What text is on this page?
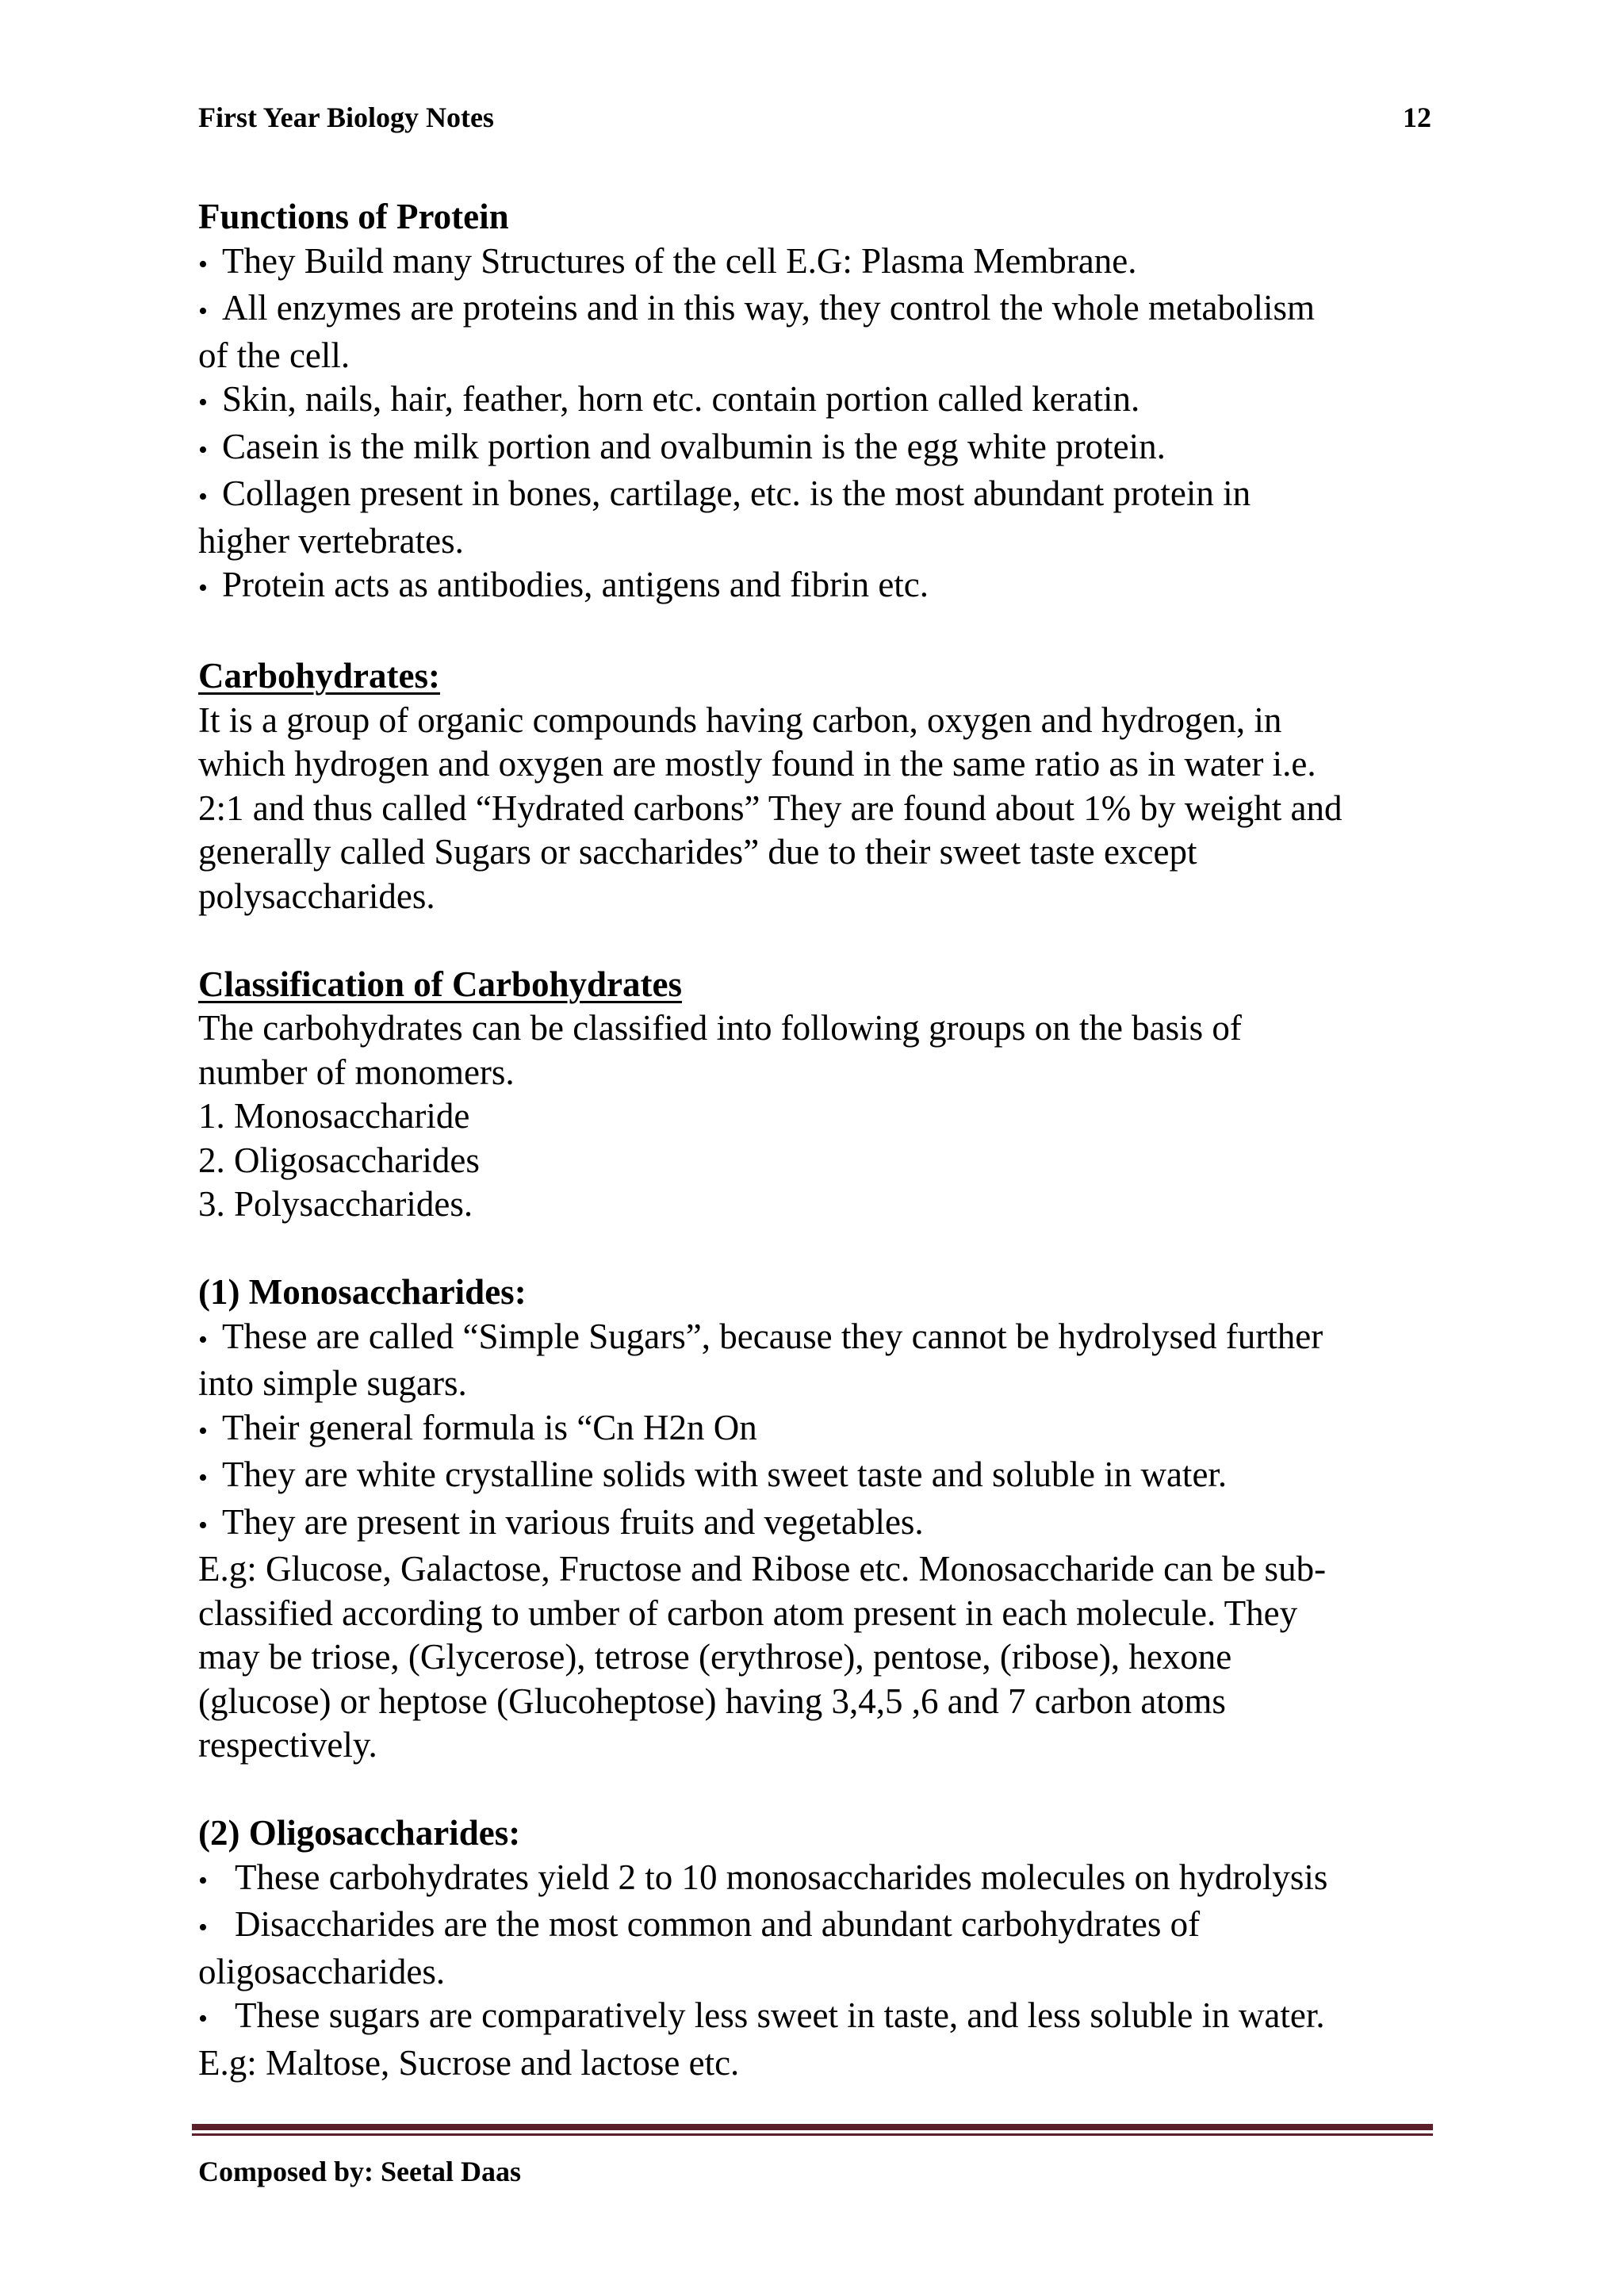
First Year Biology Notes	12
Functions of Protein
• They Build many Structures of the cell E.G: Plasma Membrane.
• All enzymes are proteins and in this way, they control the whole metabolism
of the cell.
• Skin, nails, hair, feather, horn etc. contain portion called keratin.
• Casein is the milk portion and ovalbumin is the egg white protein.
• Collagen present in bones, cartilage, etc. is the most abundant protein in
higher vertebrates.
• Protein acts as antibodies, antigens and fibrin etc.
Carbohydrates:
It is a group of organic compounds having carbon, oxygen and hydrogen, in
which hydrogen and oxygen are mostly found in the same ratio as in water i.e.
2:1 and thus called “Hydrated carbons” They are found about 1% by weight and
generally called Sugars or saccharides” due to their sweet taste except
polysaccharides.
Classification of Carbohydrates
The carbohydrates can be classified into following groups on the basis of
number of monomers.
1. Monosaccharide
2. Oligosaccharides
3. Polysaccharides.
(1) Monosaccharides:
• These are called “Simple Sugars”, because they cannot be hydrolysed further
into simple sugars.
• Their general formula is “Cn H2n On
• They are white crystalline solids with sweet taste and soluble in water.
• They are present in various fruits and vegetables.
E.g: Glucose, Galactose, Fructose and Ribose etc. Monosaccharide can be sub-
classified according to umber of carbon atom present in each molecule. They
may be triose, (Glycerose), tetrose (erythrose), pentose, (ribose), hexone
(glucose) or heptose (Glucoheptose) having 3,4,5 ,6 and 7 carbon atoms
respectively.
(2) Oligosaccharides:
• These carbohydrates yield 2 to 10 monosaccharides molecules on hydrolysis
• Disaccharides are the most common and abundant carbohydrates of
oligosaccharides.
• These sugars are comparatively less sweet in taste, and less soluble in water.
E.g: Maltose, Sucrose and lactose etc.
Composed by: Seetal Daas
